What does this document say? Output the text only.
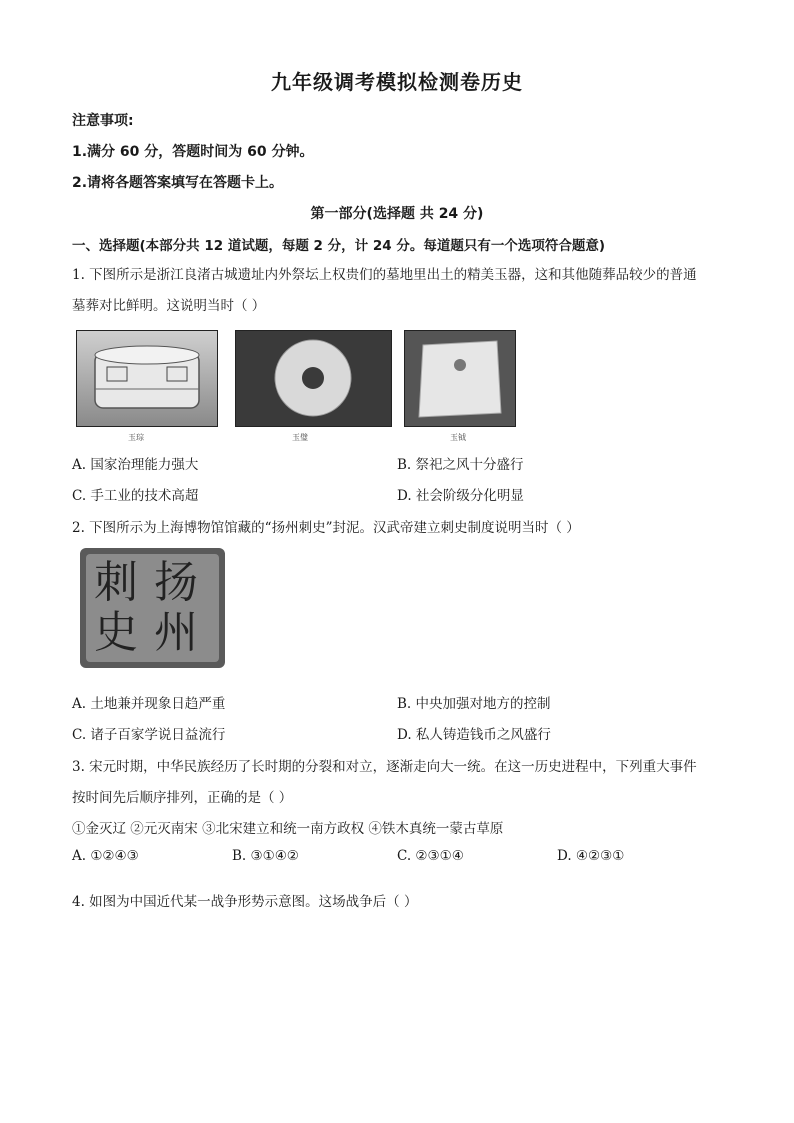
九年级调考模拟检测卷历史
注意事项:
1.满分 60 分，答题时间为 60 分钟。
2.请将各题答案填写在答题卡上。
第一部分(选择题 共 24 分)
一、选择题(本部分共 12 道试题，每题 2 分，计 24 分。每道题只有一个选项符合题意)
1. 下图所示是浙江良渚古城遗址内外祭坛上权贵们的墓地里出土的精美玉器，这和其他随葬品较少的普通
墓葬对比鲜明。这说明当时（ ）
玉琮	玉璧	玉钺
A. 国家治理能力强大	B. 祭祀之风十分盛行
C. 手工业的技术高超	D. 社会阶级分化明显
2. 下图所示为上海博物馆馆藏的“扬州刺史”封泥。汉武帝建立刺史制度说明当时（ ）
刺 扬
史 州
A. 土地兼并现象日趋严重	B. 中央加强对地方的控制
C. 诸子百家学说日益流行	D. 私人铸造钱币之风盛行
3. 宋元时期，中华民族经历了长时期的分裂和对立，逐渐走向大一统。在这一历史进程中，下列重大事件
按时间先后顺序排列，正确的是（ ）
①金灭辽 ②元灭南宋 ③北宋建立和统一南方政权 ④铁木真统一蒙古草原
A. ①②④③	B. ③①④②	C. ②③①④	D. ④②③①
4. 如图为中国近代某一战争形势示意图。这场战争后（ ）
